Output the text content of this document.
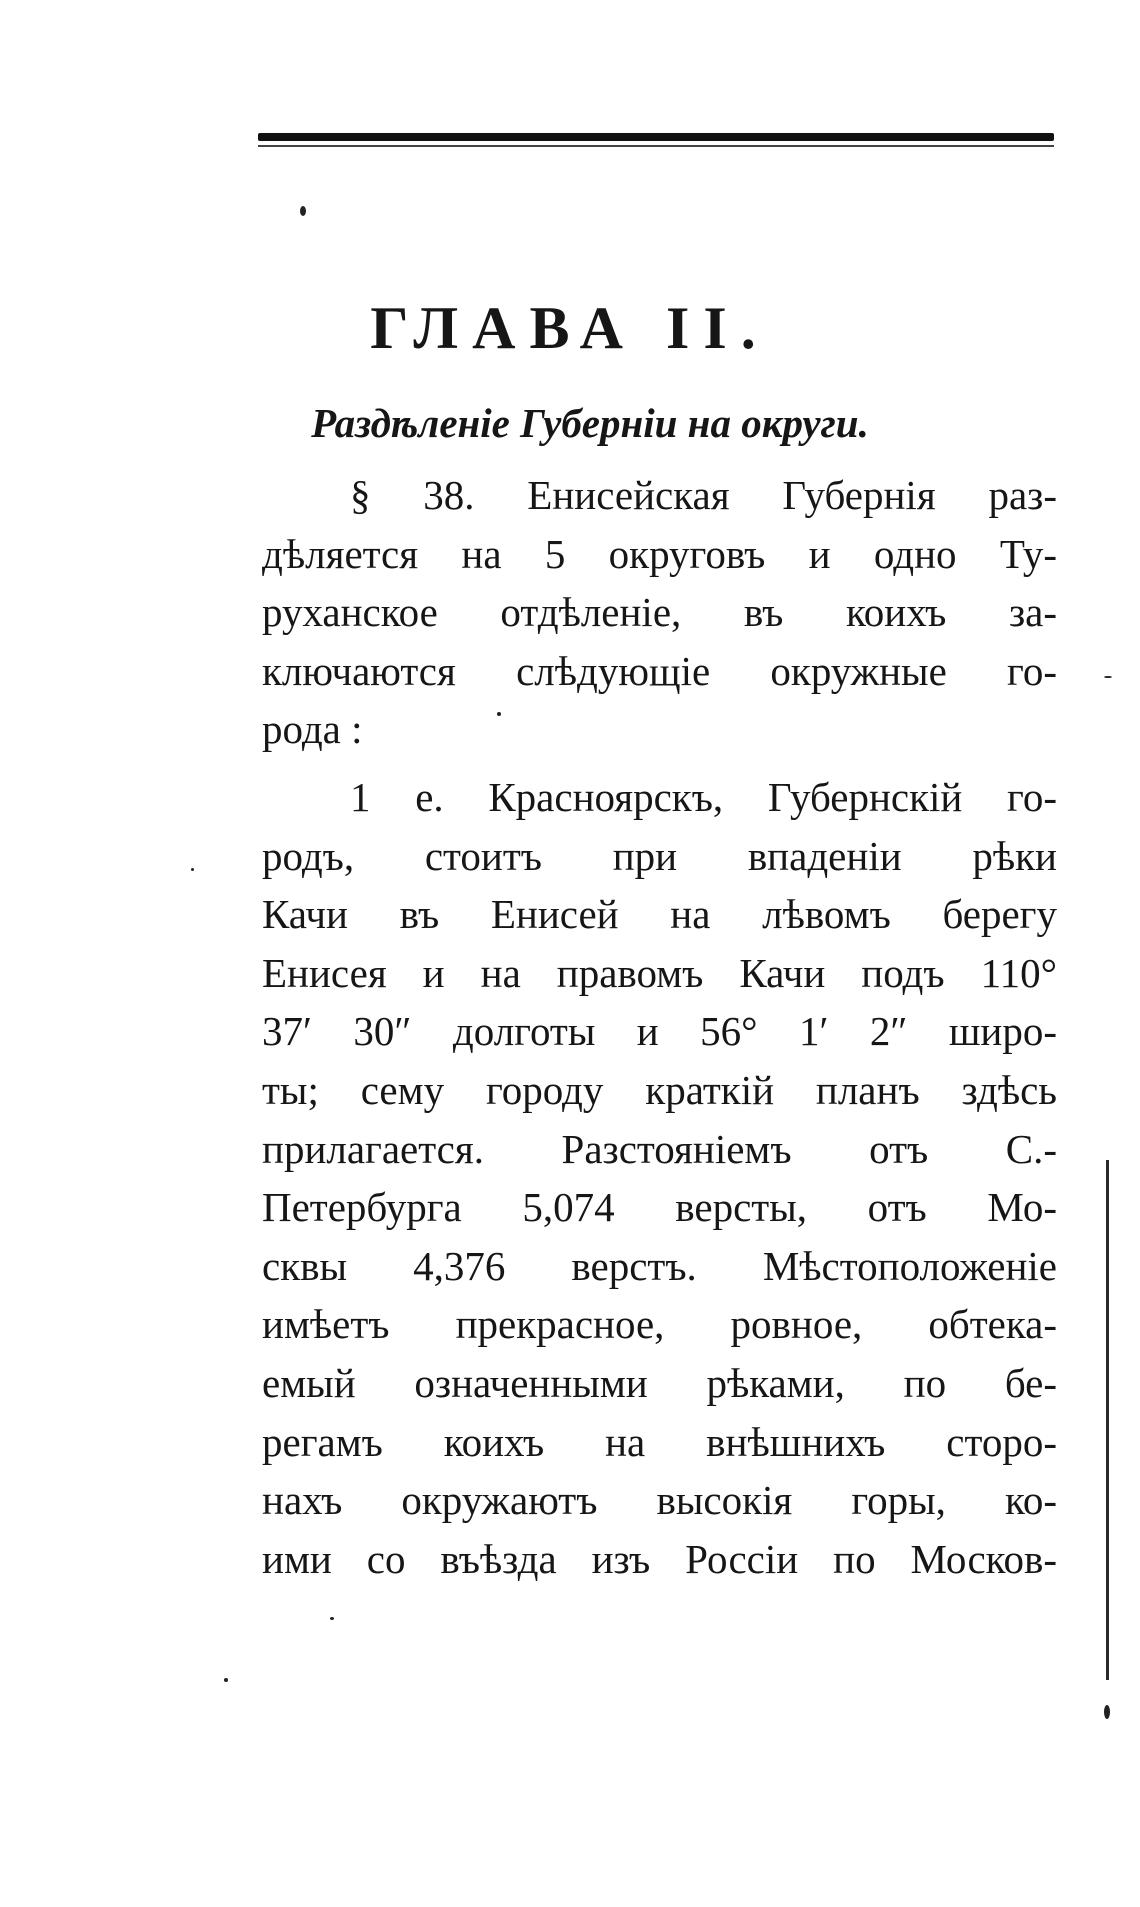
ГЛАВА II.
Раздѣленіе Губерніи на округи.
§ 38. Енисейская Губернія раз-
дѣляется на 5 округовъ и одно Ту-
руханское отдѣленіе, въ коихъ за-
ключаются слѣдующіе окружные го-
рода :
1 е. Красноярскъ, Губернскій го-
родъ, стоитъ при впаденіи рѣки
Качи въ Енисей на лѣвомъ берегу
Енисея и на правомъ Качи подъ 110°
37′ 30″ долготы и 56° 1′ 2″ широ-
ты; сему городу краткій планъ здѣсь
прилагается. Разстояніемъ отъ С.-
Петербурга 5,074 версты, отъ Мо-
сквы 4,376 верстъ. Мѣстоположеніе
имѣетъ прекрасное, ровное, обтека-
емый означенными рѣками, по бе-
регамъ коихъ на внѣшнихъ сторо-
нахъ окружаютъ высокія горы, ко-
ими со въѣзда изъ Россіи по Москов-
